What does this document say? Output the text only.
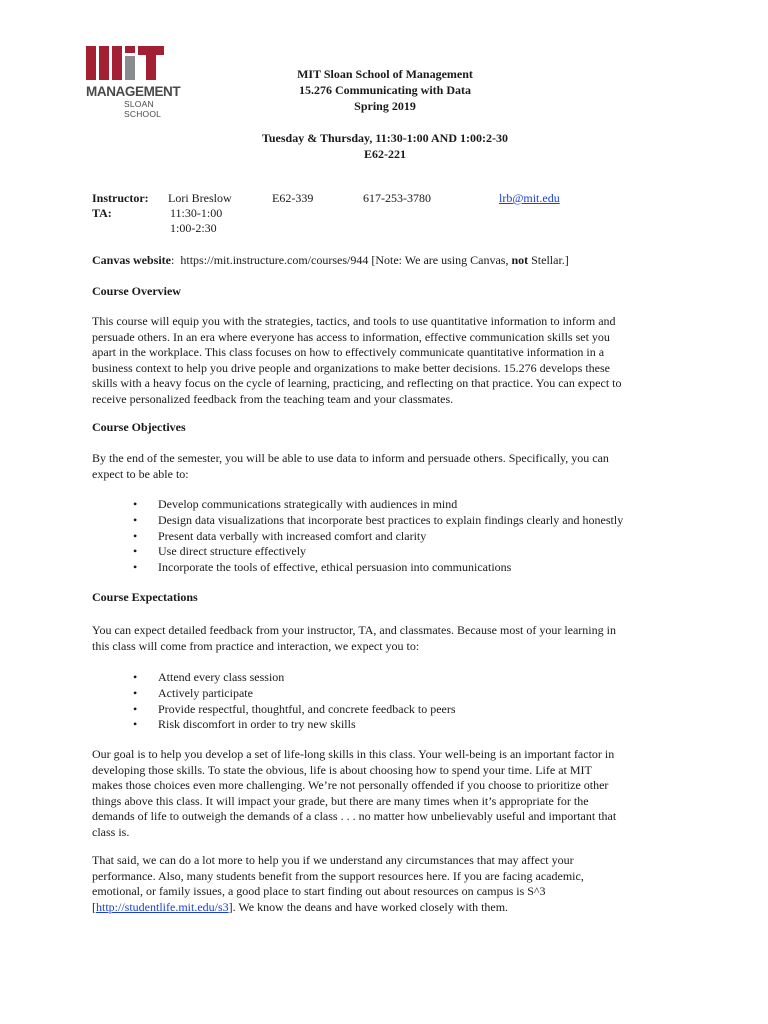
MANAGEMENT
SLOAN SCHOOL
MIT Sloan School of Management
15.276 Communicating with Data
Spring 2019
Tuesday & Thursday, 11:30-1:00 AND 1:00:2-30
E62-221
Instructor: Lori Breslow	E62-339	617-253-3780	lrb@mit.edu
TA:	11:30-1:00
1:00-2:30
Canvas website: https://mit.instructure.com/courses/944 [Note: We are using Canvas, not Stellar.]
Course Overview
This course will equip you with the strategies, tactics, and tools to use quantitative information to inform and
persuade others. In an era where everyone has access to information, effective communication skills set you
apart in the workplace. This class focuses on how to effectively communicate quantitative information in a
business context to help you drive people and organizations to make better decisions. 15.276 develops these
skills with a heavy focus on the cycle of learning, practicing, and reflecting on that practice. You can expect to
receive personalized feedback from the teaching team and your classmates.
Course Objectives
By the end of the semester, you will be able to use data to inform and persuade others. Specifically, you can
expect to be able to:
• Develop communications strategically with audiences in mind
• Design data visualizations that incorporate best practices to explain findings clearly and honestly
• Present data verbally with increased comfort and clarity
• Use direct structure effectively
• Incorporate the tools of effective, ethical persuasion into communications
Course Expectations
You can expect detailed feedback from your instructor, TA, and classmates. Because most of your learning in
this class will come from practice and interaction, we expect you to:
• Attend every class session
• Actively participate
• Provide respectful, thoughtful, and concrete feedback to peers
• Risk discomfort in order to try new skills
Our goal is to help you develop a set of life-long skills in this class. Your well-being is an important factor in
developing those skills. To state the obvious, life is about choosing how to spend your time. Life at MIT
makes those choices even more challenging. We’re not personally offended if you choose to prioritize other
things above this class. It will impact your grade, but there are many times when it’s appropriate for the
demands of life to outweigh the demands of a class . . . no matter how unbelievably useful and important that
class is.
That said, we can do a lot more to help you if we understand any circumstances that may affect your
performance. Also, many students benefit from the support resources here. If you are facing academic,
emotional, or family issues, a good place to start finding out about resources on campus is S^3
[http://studentlife.mit.edu/s3]. We know the deans and have worked closely with them.
